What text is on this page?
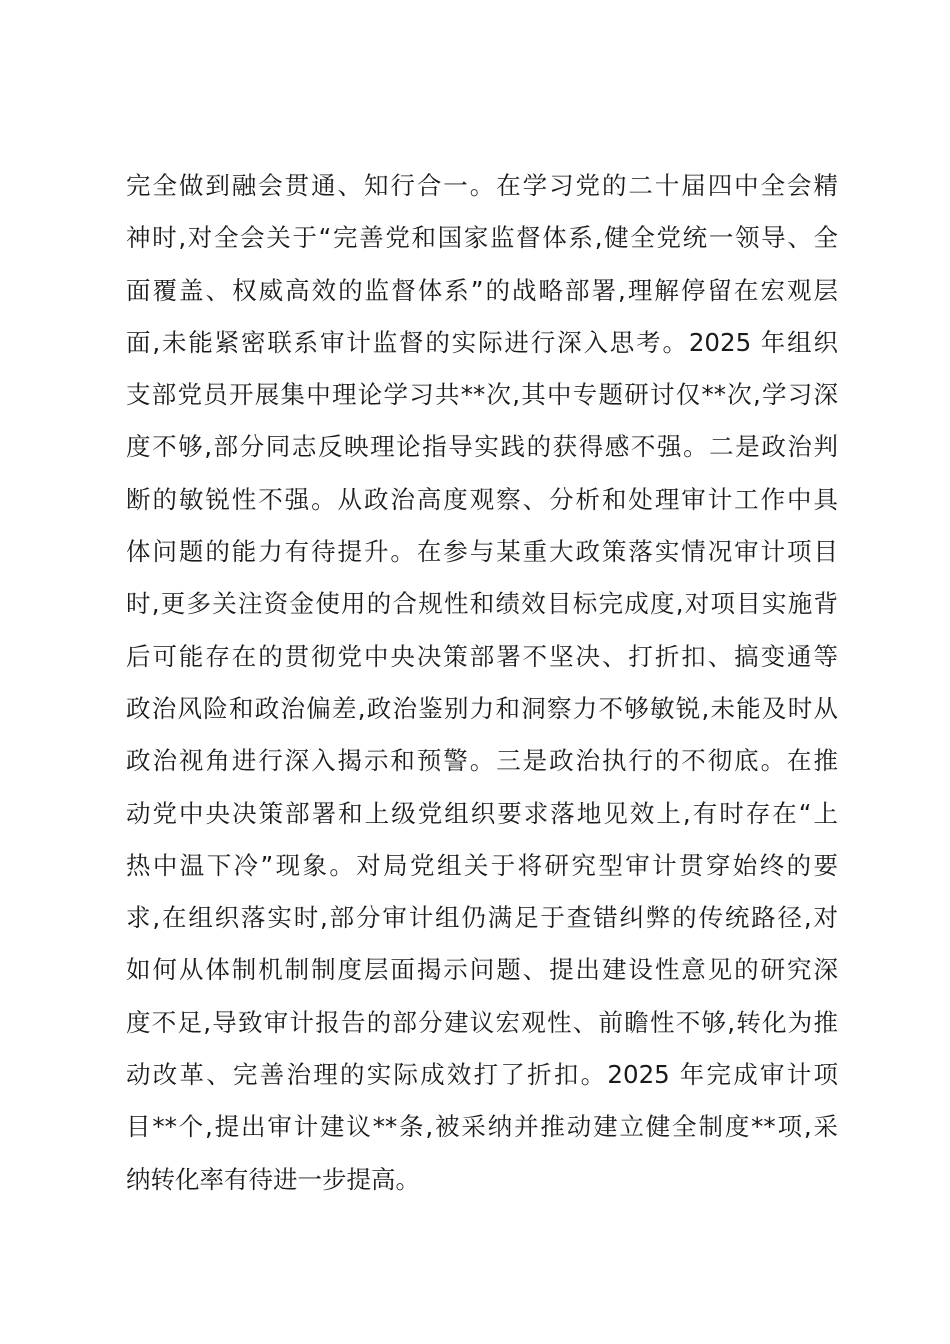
完全做到融会贯通、知行合一。在学习党的二十届四中全会精
神时,对全会关于“完善党和国家监督体系,健全党统一领导、全
面覆盖、权威高效的监督体系”的战略部署,理解停留在宏观层
面,未能紧密联系审计监督的实际进行深入思考。2025 年组织
支部党员开展集中理论学习共**次,其中专题研讨仅**次,学习深
度不够,部分同志反映理论指导实践的获得感不强。二是政治判
断的敏锐性不强。从政治高度观察、分析和处理审计工作中具
体问题的能力有待提升。在参与某重大政策落实情况审计项目
时,更多关注资金使用的合规性和绩效目标完成度,对项目实施背
后可能存在的贯彻党中央决策部署不坚决、打折扣、搞变通等
政治风险和政治偏差,政治鉴别力和洞察力不够敏锐,未能及时从
政治视角进行深入揭示和预警。三是政治执行的不彻底。在推
动党中央决策部署和上级党组织要求落地见效上,有时存在“上
热中温下冷”现象。对局党组关于将研究型审计贯穿始终的要
求,在组织落实时,部分审计组仍满足于查错纠弊的传统路径,对
如何从体制机制制度层面揭示问题、提出建设性意见的研究深
度不足,导致审计报告的部分建议宏观性、前瞻性不够,转化为推
动改革、完善治理的实际成效打了折扣。2025 年完成审计项
目**个,提出审计建议**条,被采纳并推动建立健全制度**项,采
纳转化率有待进一步提高。
